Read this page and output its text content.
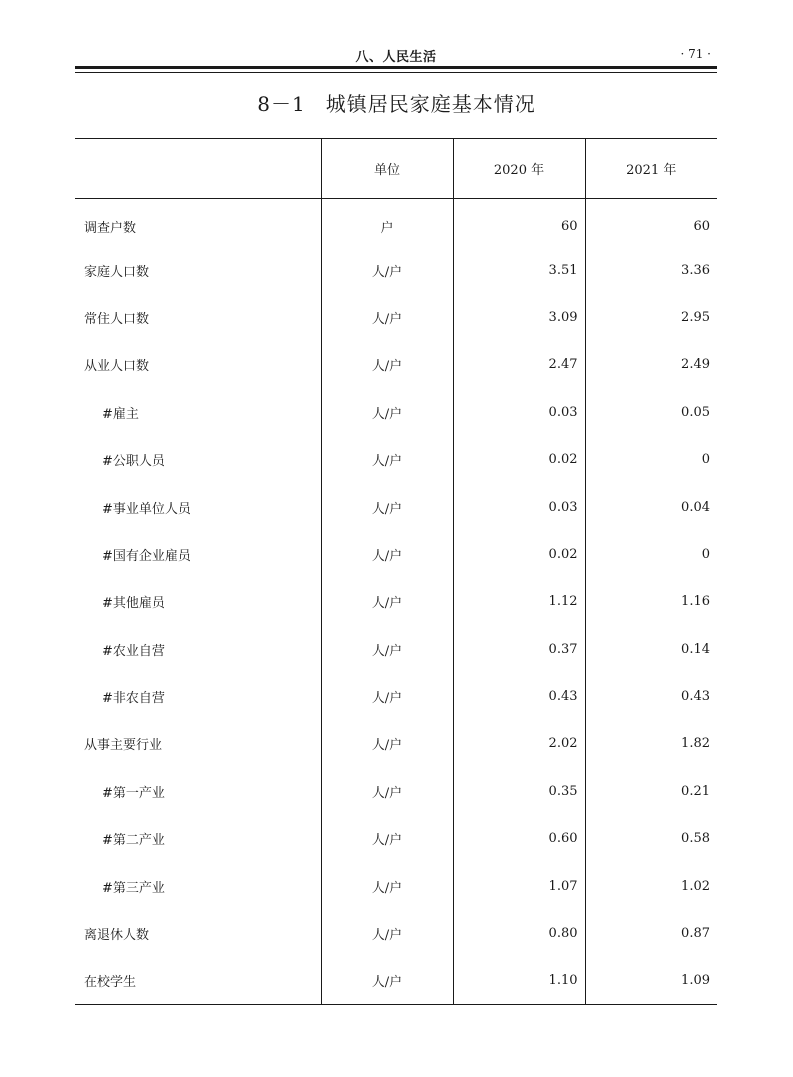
八、人民生活	· 71 ·
8－1 城镇居民家庭基本情况
	单位	2020 年	2021 年
调查户数	户	60	60
家庭人口数	人/户	3.51	3.36
常住人口数	人/户	3.09	2.95
从业人口数	人/户	2.47	2.49
#雇主	人/户	0.03	0.05
#公职人员	人/户	0.02	0
#事业单位人员	人/户	0.03	0.04
#国有企业雇员	人/户	0.02	0
#其他雇员	人/户	1.12	1.16
#农业自营	人/户	0.37	0.14
#非农自营	人/户	0.43	0.43
从事主要行业	人/户	2.02	1.82
#第一产业	人/户	0.35	0.21
#第二产业	人/户	0.60	0.58
#第三产业	人/户	1.07	1.02
离退休人数	人/户	0.80	0.87
在校学生	人/户	1.10	1.09
